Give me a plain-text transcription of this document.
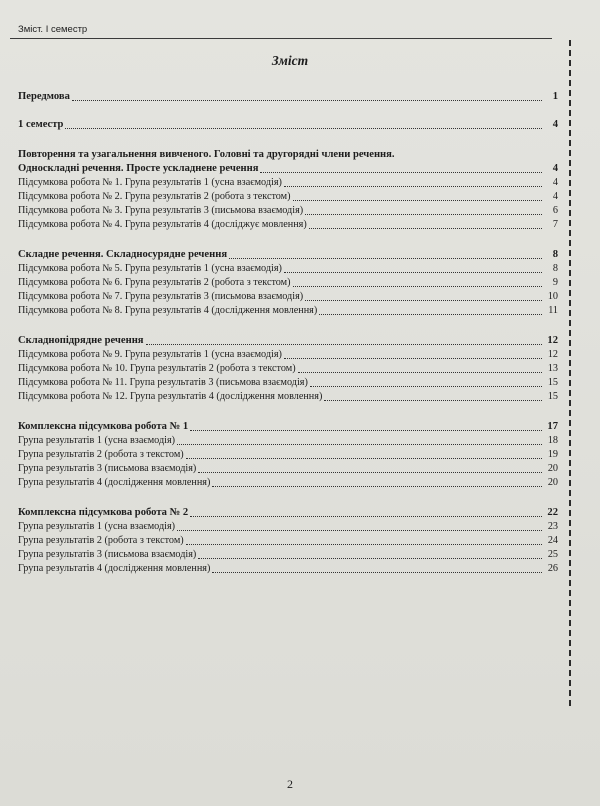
Зміст. І семестр
Зміст
Передмова	1
1 семестр	4
Повторення та узагальнення вивченого. Головні та другорядні члени речення.
Односкладні речення. Просте ускладнене речення	4
Підсумкова робота № 1. Група результатів 1 (усна взаємодія)	4
Підсумкова робота № 2. Група результатів 2 (робота з текстом)	4
Підсумкова робота № 3. Група результатів 3 (письмова взаємодія)	6
Підсумкова робота № 4. Група результатів 4 (досліджує мовлення)	7
Складне речення. Складносурядне речення	8
Підсумкова робота № 5. Група результатів 1 (усна взаємодія)	8
Підсумкова робота № 6. Група результатів 2 (робота з текстом)	9
Підсумкова робота № 7. Група результатів 3 (письмова взаємодія)	10
Підсумкова робота № 8. Група результатів 4 (дослідження мовлення)	11
Складнопідрядне речення	12
Підсумкова робота № 9. Група результатів 1 (усна взаємодія)	12
Підсумкова робота № 10. Група результатів 2 (робота з текстом)	13
Підсумкова робота № 11. Група результатів 3 (письмова взаємодія)	15
Підсумкова робота № 12. Група результатів 4 (дослідження мовлення)	15
Комплексна підсумкова робота № 1	17
Група результатів 1 (усна взаємодія)	18
Група результатів 2 (робота з текстом)	19
Група результатів 3 (письмова взаємодія)	20
Група результатів 4 (дослідження мовлення)	20
Комплексна підсумкова робота № 2	22
Група результатів 1 (усна взаємодія)	23
Група результатів 2 (робота з текстом)	24
Група результатів 3 (письмова взаємодія)	25
Група результатів 4 (дослідження мовлення)	26
2
